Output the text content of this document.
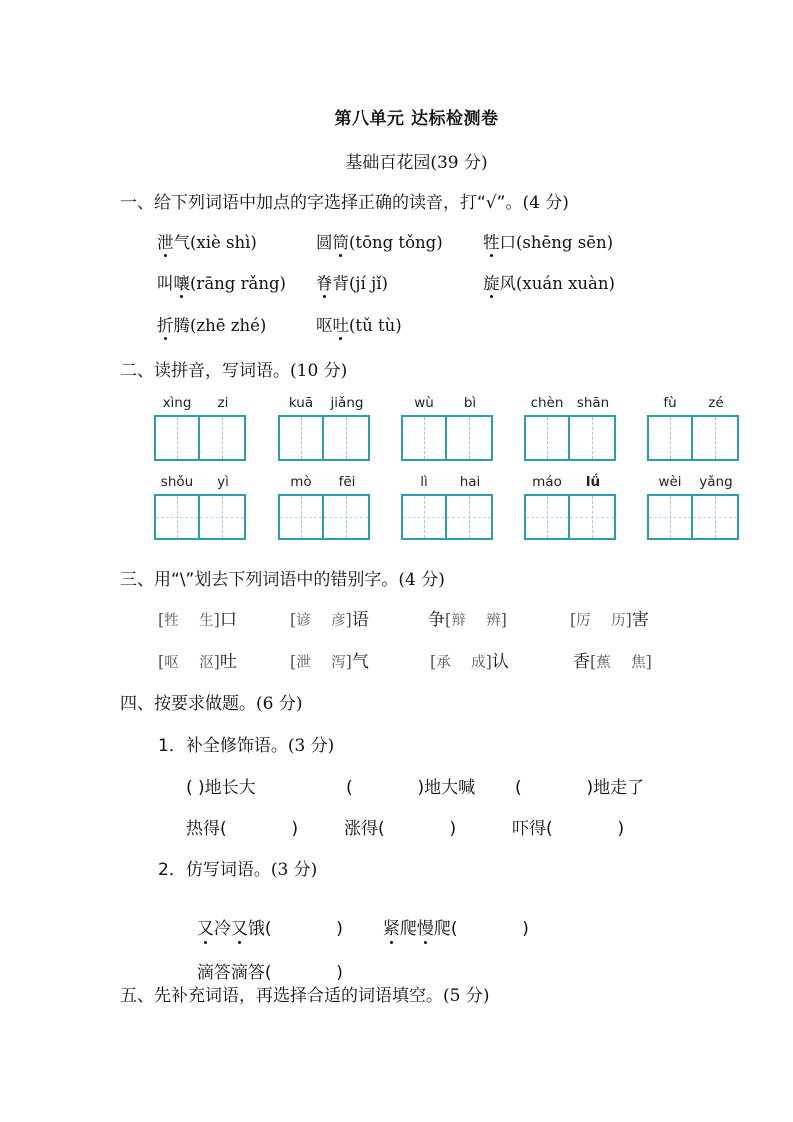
第八单元 达标检测卷
基础百花园(39 分)
一、给下列词语中加点的字选择正确的读音，打“√”。(4 分)
泄气(xiè shì)	圆筒(tōng tǒng) 牲口(shēng sēn)
叫嚷(rāng rǎng) 脊背(jí jǐ)	旋风(xuán xuàn)
折腾(zhē zhé)	呕吐(tǔ tù)
二、读拼音，写词语。(10 分)
xìng	zi	kuā	jiǎng	wù	bì	chèn shān	fù	zé
shǒu	yì	mò	fēi	lì	hai	máo	lǘ	wèi	yǎng
三、用“\”划去下列词语中的错别字。(4 分)
[牲 生]口	[谚 彦]语	争[辩 辨]	[厉 历]害
[呕 沤]吐	[泄 泻]气	[承 成]认	香[蕉 焦]
四、按要求做题。(6 分)
1．补全修饰语。(3 分)
( )地长大	(            )地大喊 (            )地走了
热得(            )	涨得(            )	吓得(            )
2．仿写词语。(3 分)

又冷又饿(            )	紧爬慢爬(            )

滴答滴答(            )

五、先补充词语，再选择合适的词语填空。(5 分)
